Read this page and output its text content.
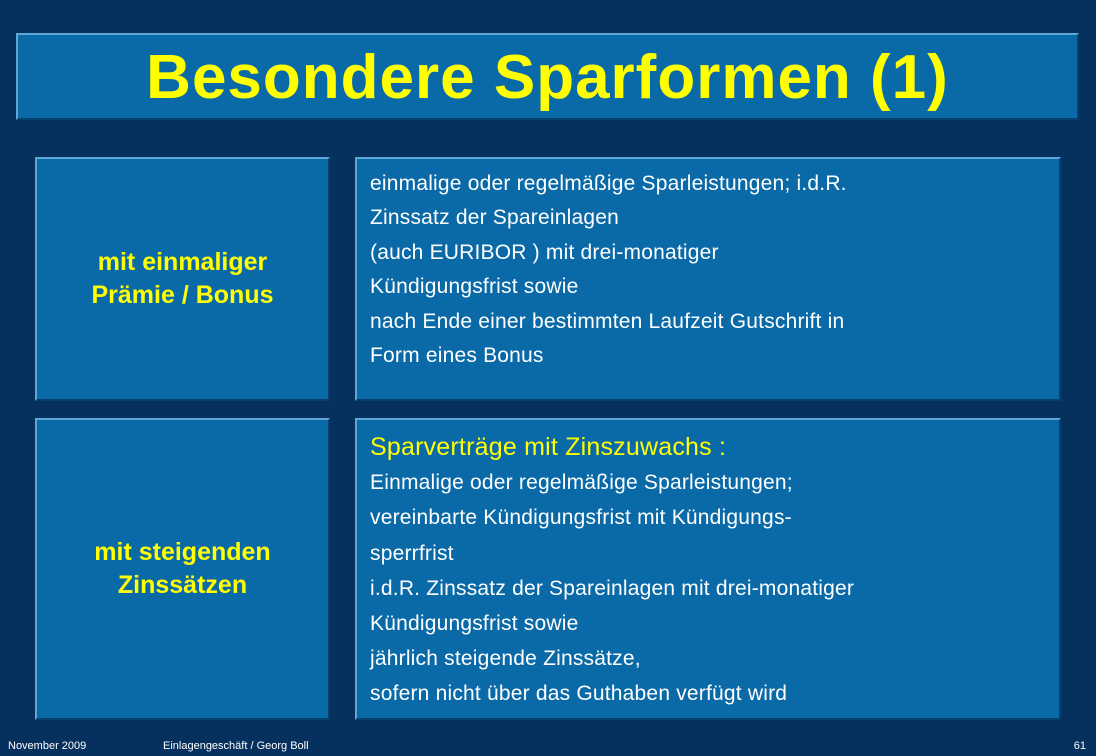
Besondere Sparformen (1)
mit einmaliger
Prämie / Bonus
einmalige oder regelmäßige Sparleistungen; i.d.R.
Zinssatz der Spareinlagen
(auch EURIBOR ) mit drei-monatiger
Kündigungsfrist sowie
nach Ende einer bestimmten Laufzeit Gutschrift in
Form eines Bonus
mit steigenden
Zinssätzen
Sparverträge mit Zinszuwachs :
Einmalige oder regelmäßige Sparleistungen;
vereinbarte Kündigungsfrist mit Kündigungs-
sperrfrist
i.d.R. Zinssatz der Spareinlagen mit drei-monatiger
Kündigungsfrist sowie
jährlich steigende Zinssätze,
sofern nicht über das Guthaben verfügt wird
November 2009	Einlagengeschäft / Georg Boll	61
